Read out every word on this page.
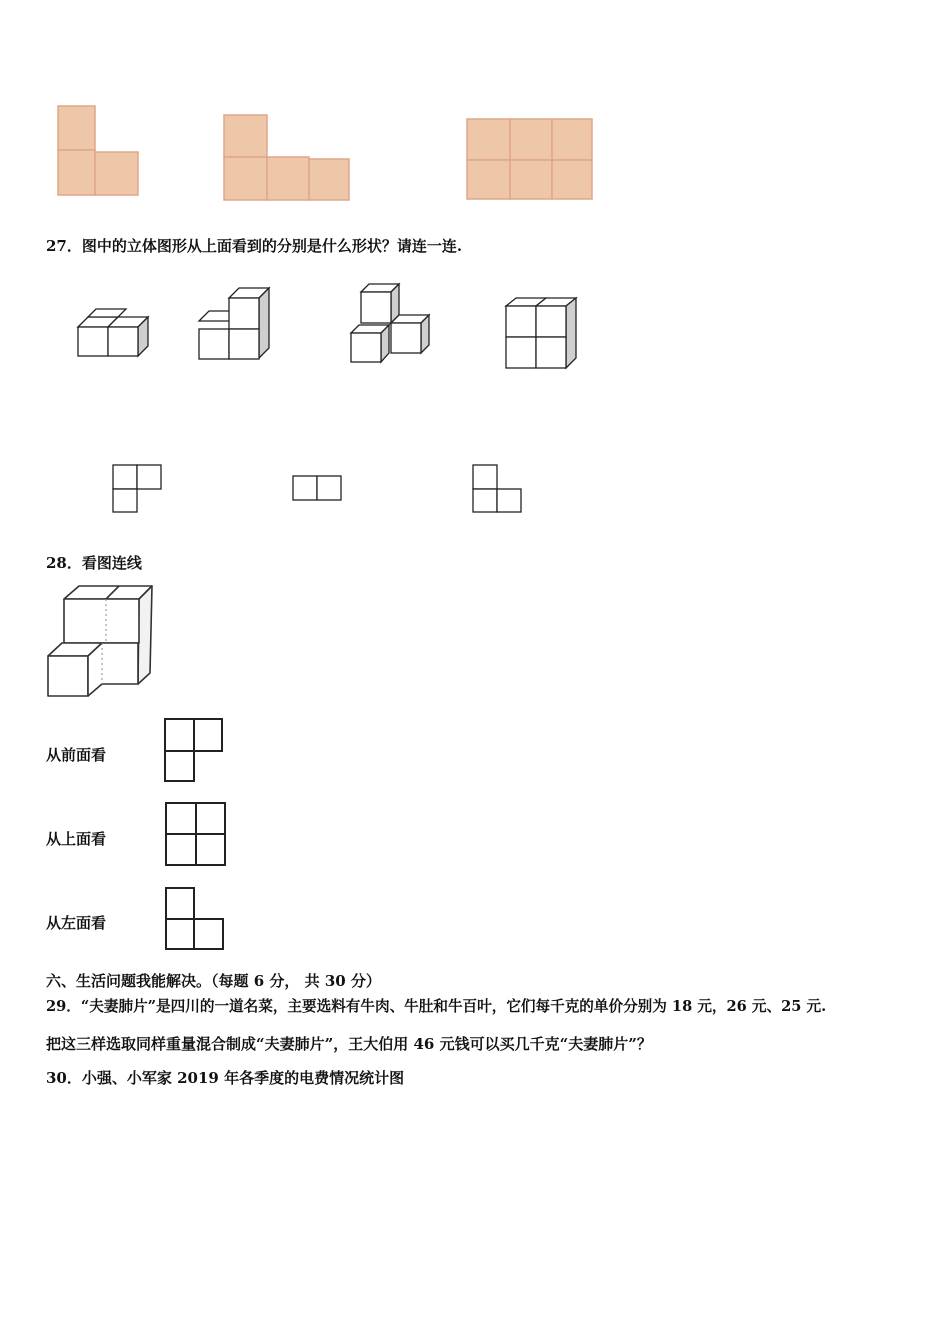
27．图中的立体图形从上面看到的分别是什么形状？请连一连.
28．看图连线
从前面看
从上面看
从左面看
六、生活问题我能解决。（每题 6 分， 共 30 分）
29．“夫妻肺片”是四川的一道名菜，主要选料有牛肉、牛肚和牛百叶，它们每千克的单价分别为 18 元，26 元、25 元.
把这三样选取同样重量混合制成“夫妻肺片”，王大伯用 46 元钱可以买几千克“夫妻肺片”？
30．小强、小军家 2019 年各季度的电费情况统计图
